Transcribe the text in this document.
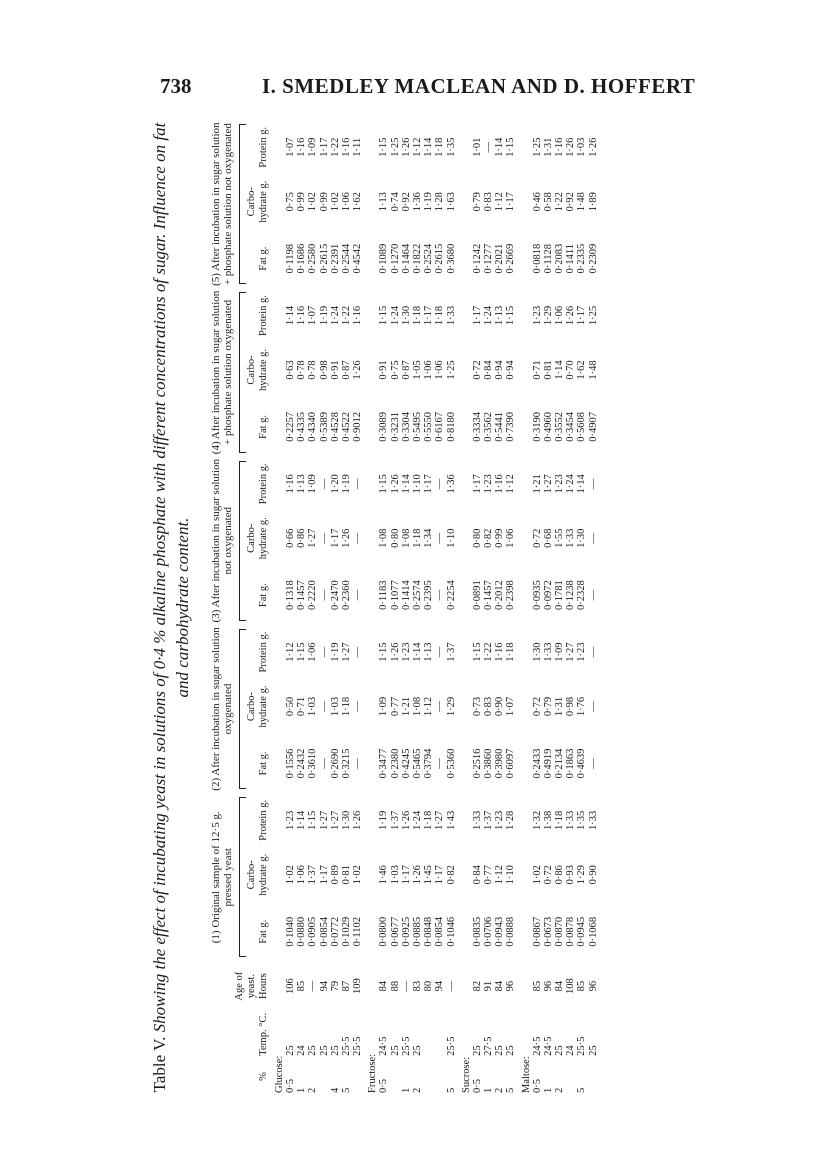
738	I. SMEDLEY MACLEAN AND D. HOFFERT
Table V. Showing the effect of incubating yeast in solutions of 0·4 % alkaline phosphate with different concentrations of sugar. Influence on fat and carbohydrate content.
%	Temp. °C.	Age of yeast. Hours	(1) Original sample of 12·5 g. pressed yeast			(2) After incubation in sugar solution oxygenated			(3) After incubation in sugar solution not oxygenated			(4) After incubation in sugar solution + phosphate solution oxygenated			(5) After incubation in sugar solution + phosphate solution not oxygenated		

			Fat g.	Carbo- hydrate g.	Protein g.	Fat g.	Carbo- hydrate g.	Protein g.	Fat g.	Carbo- hydrate g.	Protein g.	Fat g.	Carbo- hydrate g.	Protein g.	Fat g.	Carbo- hydrate g.	Protein g.
Glucose:																	
0·5	25	106	0·1040	1·02	1·23	0·1556	0·50	1·12	0·1318	0·66	1·16	0·2257	0·63	1·14	0·1198	0·75	1·07
1	24	85	0·0880	1·06	1·14	0·2432	0·71	1·15	0·1457	0·86	1·13	0·4335	0·78	1·16	0·1686	0·99	1·16
2	25	—	0·0905	1·37	1·15	0·3610	1·03	1·06	0·2220	1·27	1·09	0·4340	0·78	1·07	0·2580	1·02	1·09
	25	94	0·0854	1·17	1·27	—	—	—	—	—	—	0·5389	0·98	1·19	0·2615	0·99	1·17
4	25	79	0·0772	0·89	1·27	0·2690	1·03	1·19	0·2470	1·17	1·20	0·4528	0·91	1·24	0·2391	1·02	1·22
5	25·5	87	0·1029	0·81	1·30	0·3215	1·18	1·27	0·2360	1·26	1·19	0·4522	0·87	1·22	0·2544	1·06	1·16
	25·5	109	0·1102	1·02	1·26	—	—	—	—	—	—	0·9012	1·26	1·16	0·4542	1·62	1·11
Fructose:																	
0·5	24·5	84	0·0800	1·46	1·19	0·3477	1·09	1·15	0·1183	1·08	1·15	0·3089	0·91	1·15	0·1089	1·13	1·15
	25	88	0·0677	1·03	1·37	0·2380	0·77	1·26	0·1077	0·80	1·26	0·3231	0·75	1·24	0·1270	0·74	1·25
1	25·5	—	0·0925	1·17	1·26	0·4245	1·21	1·23	0·1414	1·08	1·14	0·3304	0·87	1·30	0·1464	0·92	1·26
2	25	83	0·0885	1·26	1·24	0·5465	1·08	1·14	0·2574	1·18	1·10	0·5495	1·05	1·18	0·1822	1·36	1·12
		80	0·0848	1·45	1·18	0·3794	1·12	1·13	0·2395	1·34	1·17	0·5550	1·06	1·17	0·2524	1·19	1·14
		94	0·0854	1·17	1·27	—	—	—	—	—	—	0·6167	1·06	1·18	0·2615	1·28	1·18
5	25·5	—	0·1046	0·82	1·43	0·5360	1·29	1·37	0·2254	1·10	1·36	0·8180	1·25	1·33	0·3680	1·63	1·35
Sucrose:																	
0·5	25	82	0·0835	0·84	1·33	0·2516	0·73	1·15	0·0891	0·80	1·17	0·3334	0·72	1·17	0·1242	0·79	1·01
1	27·5	91	0·0706	0·77	1·37	0·3860	0·83	1·22	0·1457	0·82	1·23	0·3562	0·84	1·24	0·1277	0·83	—
2	25	84	0·0943	1·12	1·23	0·3980	0·90	1·16	0·2012	0·99	1·16	0·5441	0·94	1·13	0·2021	1·12	1·14
5	25	96	0·0888	1·10	1·28	0·6097	1·07	1·18	0·2398	1·06	1·12	0·7390	0·94	1·15	0·2669	1·17	1·15
Maltose:																	
0·5	24·5	85	0·0867	1·02	1·32	0·2433	0·72	1·30	0·0935	0·72	1·21	0·3190	0·71	1·23	0·0818	0·46	1·25
1	24·5	96	0·0673	0·72	1·38	0·4919	0·79	1·33	0·0972	0·68	1·27	0·4960	0·81	1·29	0·1128	0·58	1·31
2	25	84	0·0870	0·86	1·18	0·2134	1·31	1·09	0·1781	1·55	1·23	0·3552	1·14	1·06	0·2083	1·22	1·16
	24	108	0·0878	0·93	1·33	0·1863	0·98	1·27	0·1238	1·33	1·24	0·3454	0·70	1·26	0·1411	0·92	1·26
5	25·5	85	0·0945	1·29	1·35	0·4639	1·76	1·23	0·2328	1·30	1·14	0·5608	1·62	1·17	0·2335	1·48	1·03
	25	96	0·1068	0·90	1·33	—	—	—	—	—	—	0·4907	1·48	1·25	0·2309	1·89	1·26
